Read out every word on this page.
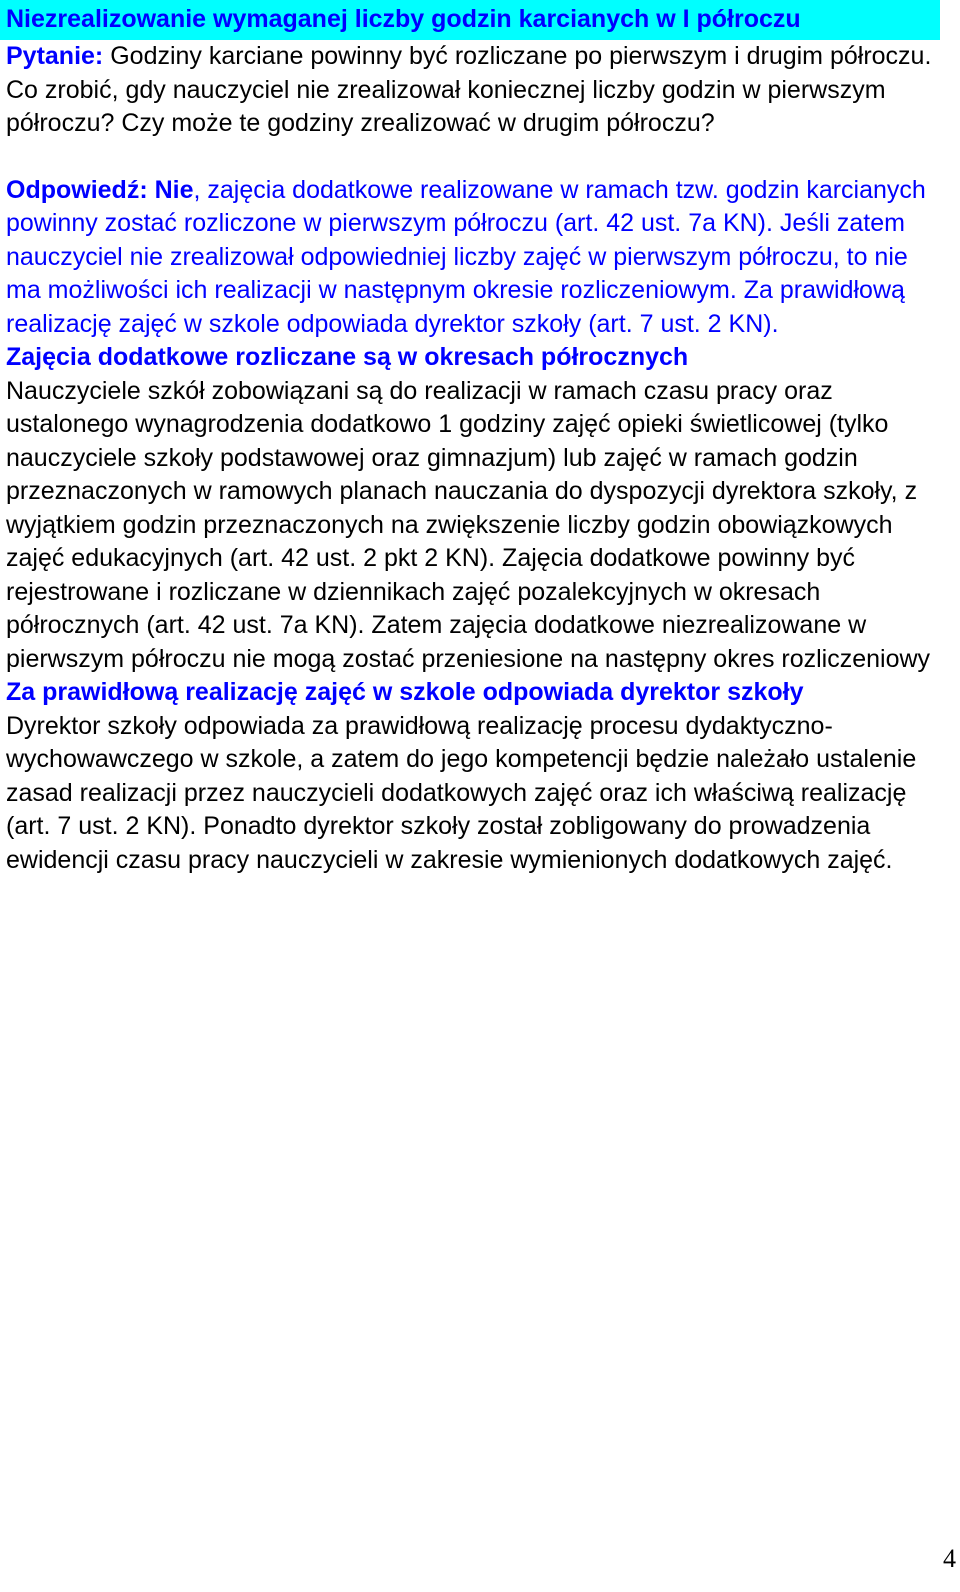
Niezrealizowanie wymaganej liczby godzin karcianych w I półroczu

Pytanie: Godziny karciane powinny być rozliczane po pierwszym i drugim półroczu. Co zrobić, gdy nauczyciel nie zrealizował koniecznej liczby godzin w pierwszym półroczu? Czy może te godziny zrealizować w drugim półroczu?

Odpowiedź: Nie, zajęcia dodatkowe realizowane w ramach tzw. godzin karcianych powinny zostać rozliczone w pierwszym półroczu (art. 42 ust. 7a KN). Jeśli zatem nauczyciel nie zrealizował odpowiedniej liczby zajęć w pierwszym półroczu, to nie ma możliwości ich realizacji w następnym okresie rozliczeniowym. Za prawidłową realizację zajęć w szkole odpowiada dyrektor szkoły (art. 7 ust. 2 KN).

Zajęcia dodatkowe rozliczane są w okresach półrocznych

Nauczyciele szkół zobowiązani są do realizacji w ramach czasu pracy oraz ustalonego wynagrodzenia dodatkowo 1 godziny zajęć opieki świetlicowej (tylko nauczyciele szkoły podstawowej oraz gimnazjum) lub zajęć w ramach godzin przeznaczonych w ramowych planach nauczania do dyspozycji dyrektora szkoły, z wyjątkiem godzin przeznaczonych na zwiększenie liczby godzin obowiązkowych zajęć edukacyjnych (art. 42 ust. 2 pkt 2 KN). Zajęcia dodatkowe powinny być rejestrowane i rozliczane w dziennikach zajęć pozalekcyjnych w okresach półrocznych (art. 42 ust. 7a KN). Zatem zajęcia dodatkowe niezrealizowane w pierwszym półroczu nie mogą zostać przeniesione na następny okres rozliczeniowy

Za prawidłową realizację zajęć w szkole odpowiada dyrektor szkoły

Dyrektor szkoły odpowiada za prawidłową realizację procesu dydaktyczno-wychowawczego w szkole, a zatem do jego kompetencji będzie należało ustalenie zasad realizacji przez nauczycieli dodatkowych zajęć oraz ich właściwą realizację (art. 7 ust. 2 KN). Ponadto dyrektor szkoły został zobligowany do prowadzenia ewidencji czasu pracy nauczycieli w zakresie wymienionych dodatkowych zajęć.

4
